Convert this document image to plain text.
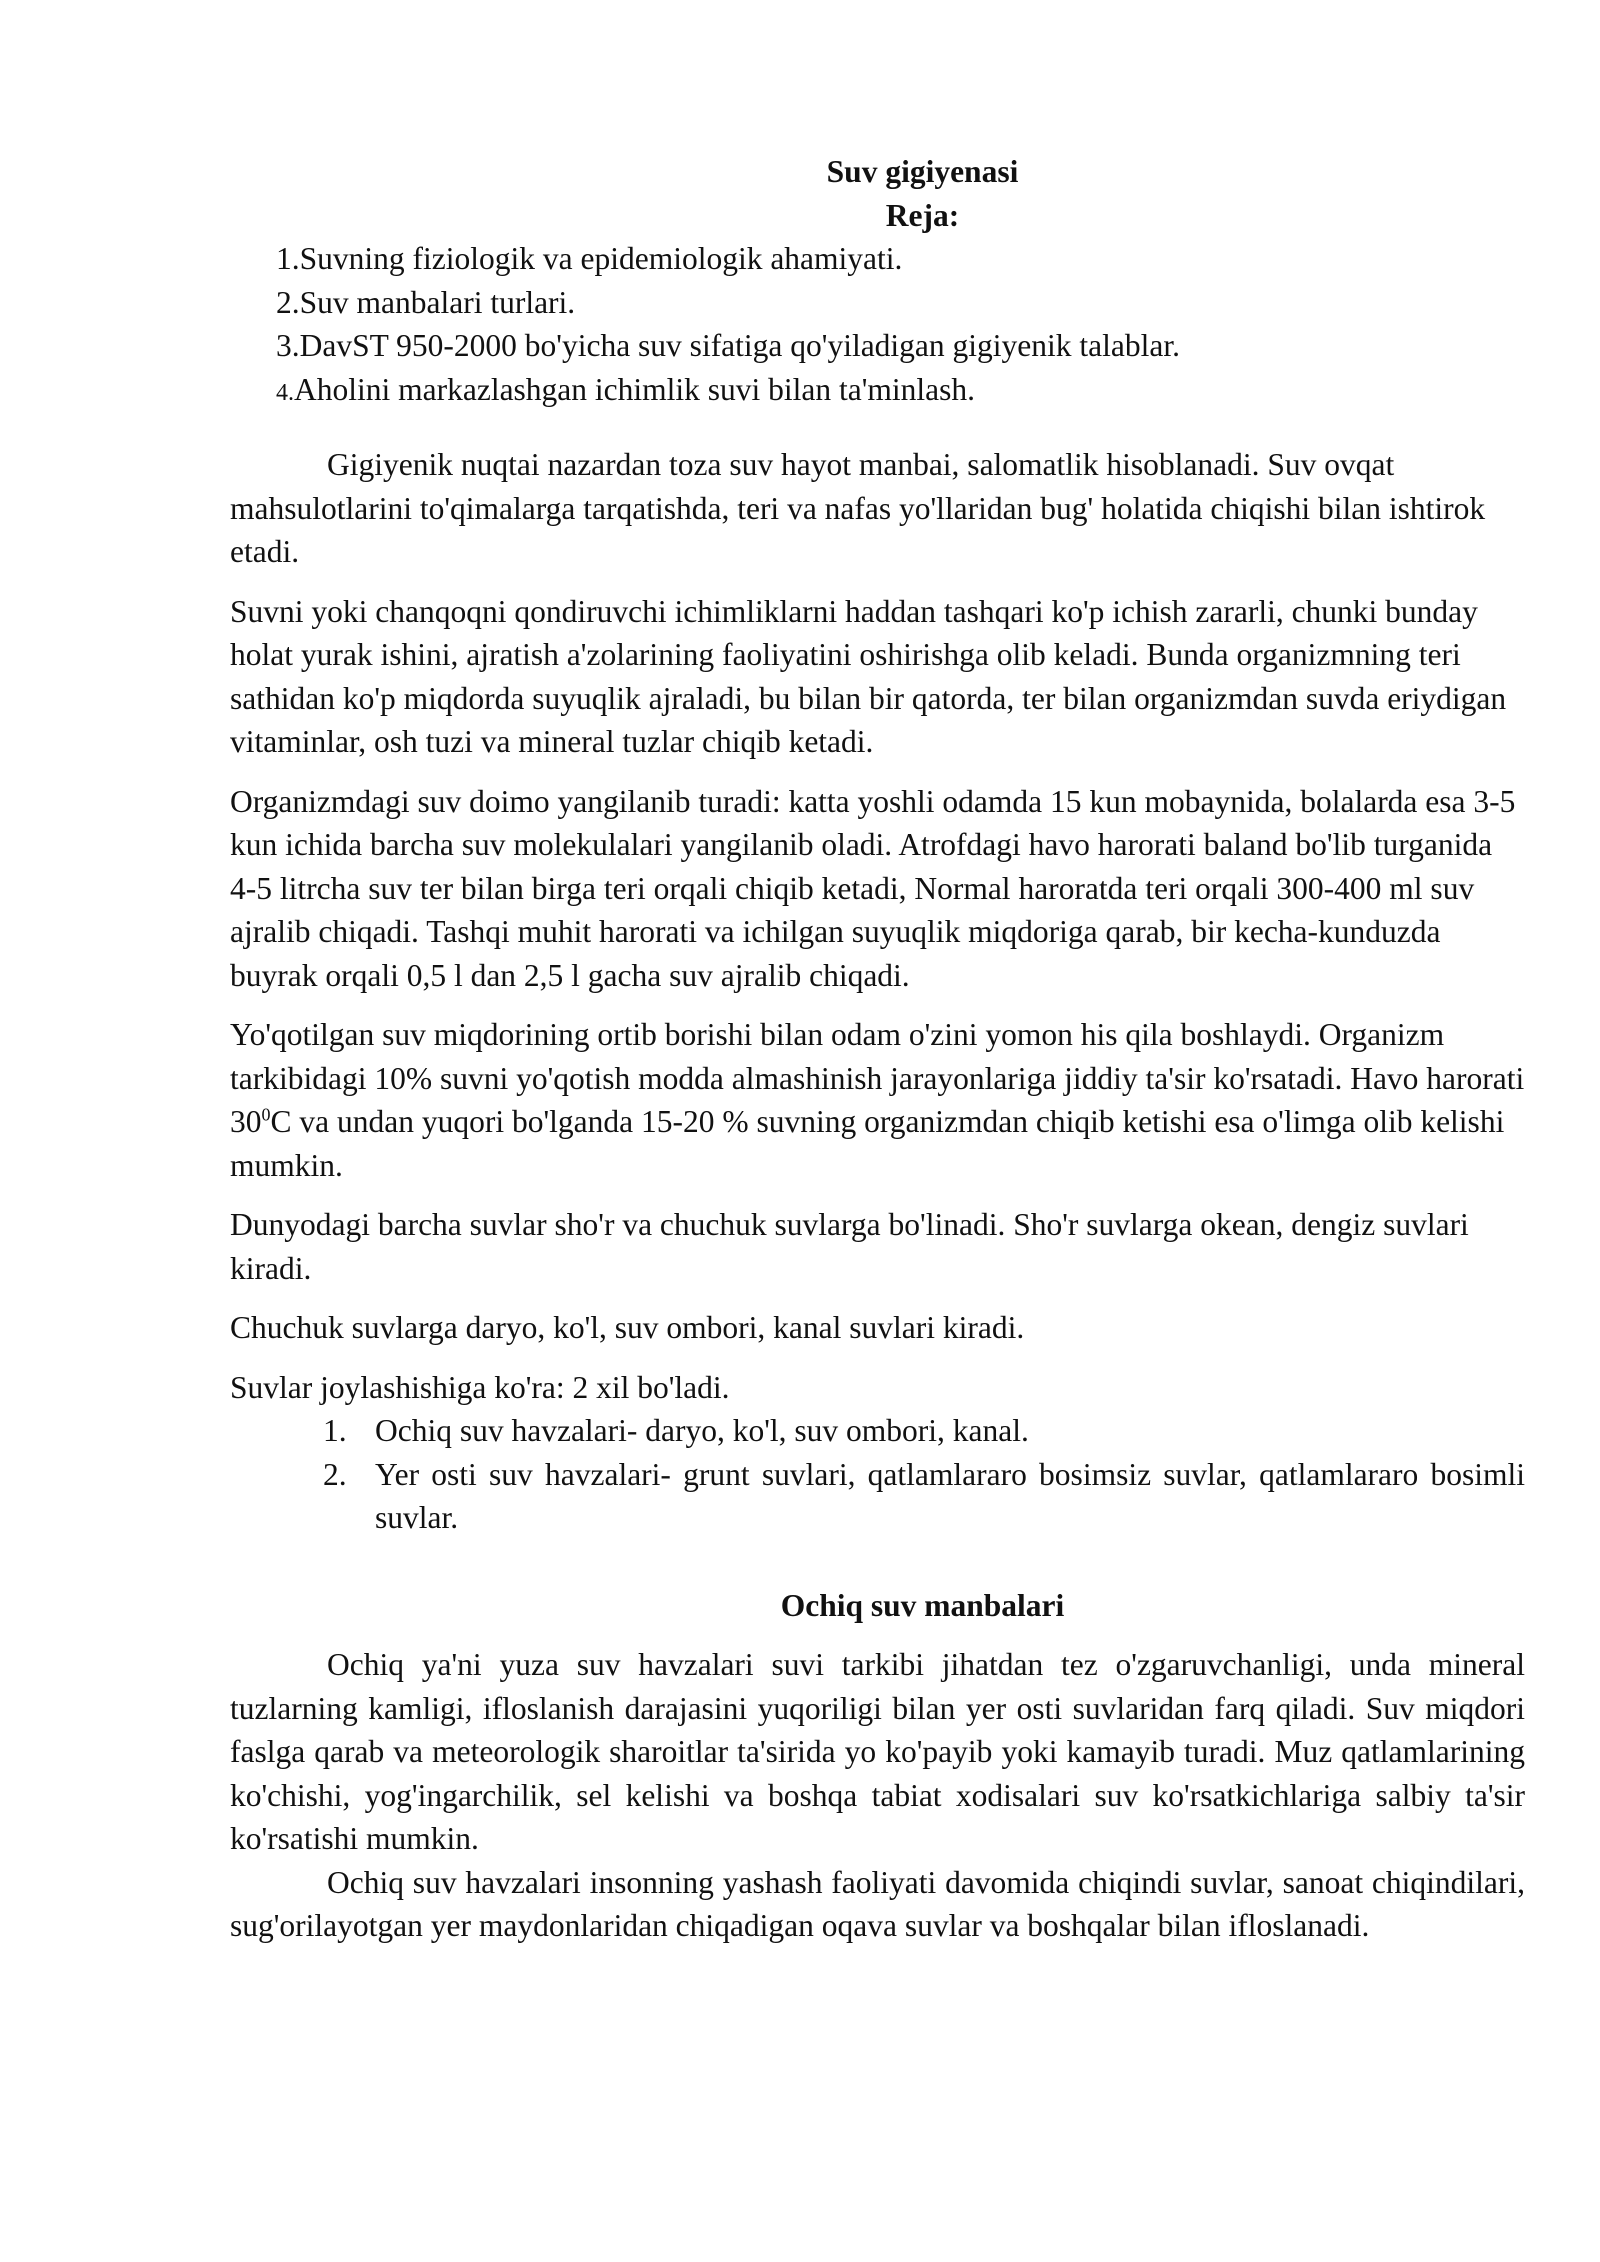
Suv gigiyenasi

Reja:

1.Suvning fiziologik va epidemiologik ahamiyati.
2.Suv manbalari turlari.
3.DavST 950-2000 bo'yicha suv sifatiga qo'yiladigan gigiyenik talablar.
4.Aholini markazlashgan ichimlik suvi bilan ta'minlash.

Gigiyenik nuqtai nazardan toza suv hayot manbai, salomatlik hisoblanadi. Suv ovqat mahsulotlarini to'qimalarga tarqatishda, teri va nafas yo'llaridan bug' holatida chiqishi bilan ishtirok etadi.

Suvni yoki chanqoqni qondiruvchi ichimliklarni haddan tashqari ko'p ichish zararli, chunki bunday holat yurak ishini, ajratish a'zolarining faoliyatini oshirishga olib keladi. Bunda organizmning teri sathidan ko'p miqdorda suyuqlik ajraladi, bu bilan bir qatorda, ter bilan organizmdan suvda eriydigan vitaminlar, osh tuzi va mineral tuzlar chiqib ketadi.

Organizmdagi suv doimo yangilanib turadi: katta yoshli odamda 15 kun mobaynida, bolalarda esa 3-5 kun ichida barcha suv molekulalari yangilanib oladi. Atrofdagi havo harorati baland bo'lib turganida 4-5 litrcha suv ter bilan birga teri orqali chiqib ketadi, Normal haroratda teri orqali 300-400 ml suv ajralib chiqadi. Tashqi muhit harorati va ichilgan suyuqlik miqdoriga qarab, bir kecha-kunduzda buyrak orqali 0,5 l dan 2,5 l gacha suv ajralib chiqadi.

Yo'qotilgan suv miqdorining ortib borishi bilan odam o'zini yomon his qila boshlaydi. Organizm tarkibidagi 10% suvni yo'qotish modda almashinish jarayonlariga jiddiy ta'sir ko'rsatadi. Havo harorati $30^0C$ va undan yuqori bo'lganda 15-20 % suvning organizmdan chiqib ketishi esa o'limga olib kelishi mumkin.

Dunyodagi barcha suvlar sho'r va chuchuk suvlarga bo'linadi. Sho'r suvlarga okean, dengiz suvlari kiradi.

Chuchuk suvlarga daryo, ko'l, suv ombori, kanal suvlari kiradi.

Suvlar joylashishiga ko'ra: 2 xil bo'ladi.

1. Ochiq suv havzalari- daryo, ko'l, suv ombori, kanal.
2. Yer osti suv havzalari- grunt suvlari, qatlamlararo bosimsiz suvlar, qatlamlararo bosimli suvlar.

Ochiq suv manbalari

Ochiq ya'ni yuza suv havzalari suvi tarkibi jihatdan tez o'zgaruvchanligi, unda mineral tuzlarning kamligi, ifloslanish darajasini yuqoriligi bilan yer osti suvlaridan farq qiladi. Suv miqdori faslga qarab va meteorologik sharoitlar ta'sirida yo ko'payib yoki kamayib turadi. Muz qatlamlarining ko'chishi, yog'ingarchilik, sel kelishi va boshqa tabiat xodisalari suv ko'rsatkichlariga salbiy ta'sir ko'rsatishi mumkin.

Ochiq suv havzalari insonning yashash faoliyati davomida chiqindi suvlar, sanoat chiqindilari, sug'orilayotgan yer maydonlaridan chiqadigan oqava suvlar va boshqalar bilan ifloslanadi.
